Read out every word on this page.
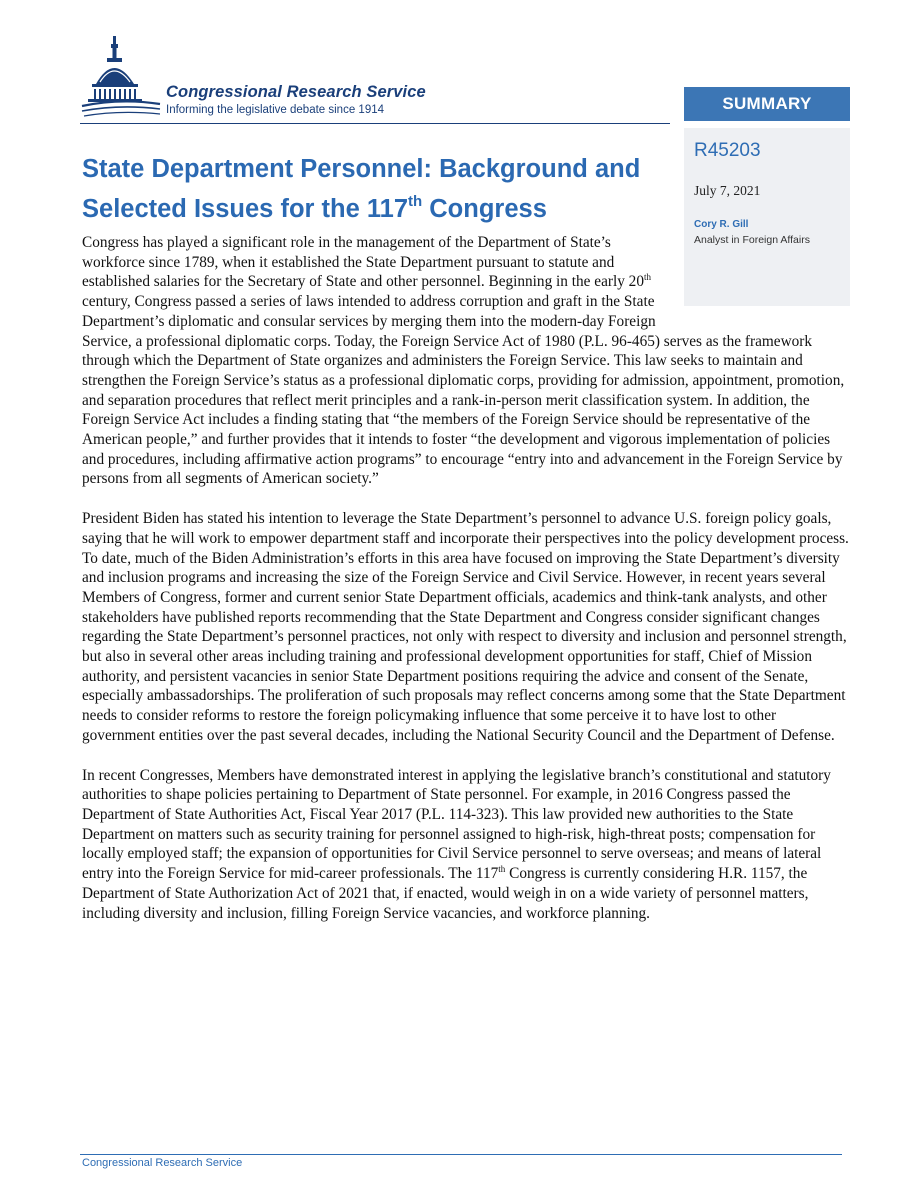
Congressional Research Service
Informing the legislative debate since 1914	SUMMARY
R45203
July 7, 2021
Cory R. Gill
Analyst in Foreign Affairs
State Department Personnel: Background and Selected Issues for the 117th Congress

Congress has played a significant role in the management of the Department of State’s workforce since 1789, when it established the State Department pursuant to statute and established salaries for the Secretary of State and other personnel. Beginning in the early 20th century, Congress passed a series of laws intended to address corruption and graft in the State Department’s diplomatic and consular services by merging them into the modern-day Foreign Service, a professional diplomatic corps. Today, the Foreign Service Act of 1980 (P.L. 96-465) serves as the framework through which the Department of State organizes and administers the Foreign Service. This law seeks to maintain and strengthen the Foreign Service’s status as a professional diplomatic corps, providing for admission, appointment, promotion, and separation procedures that reflect merit principles and a rank-in-person merit classification system. In addition, the Foreign Service Act includes a finding stating that “the members of the Foreign Service should be representative of the American people,” and further provides that it intends to foster “the development and vigorous implementation of policies and procedures, including affirmative action programs” to encourage “entry into and advancement in the Foreign Service by persons from all segments of American society.”

President Biden has stated his intention to leverage the State Department’s personnel to advance U.S. foreign policy goals, saying that he will work to empower department staff and incorporate their perspectives into the policy development process. To date, much of the Biden Administration’s efforts in this area have focused on improving the State Department’s diversity and inclusion programs and increasing the size of the Foreign Service and Civil Service. However, in recent years several Members of Congress, former and current senior State Department officials, academics and think-tank analysts, and other stakeholders have published reports recommending that the State Department and Congress consider significant changes regarding the State Department’s personnel practices, not only with respect to diversity and inclusion and personnel strength, but also in several other areas including training and professional development opportunities for staff, Chief of Mission authority, and persistent vacancies in senior State Department positions requiring the advice and consent of the Senate, especially ambassadorships. The proliferation of such proposals may reflect concerns among some that the State Department needs to consider reforms to restore the foreign policymaking influence that some perceive it to have lost to other government entities over the past several decades, including the National Security Council and the Department of Defense.

In recent Congresses, Members have demonstrated interest in applying the legislative branch’s constitutional and statutory authorities to shape policies pertaining to Department of State personnel. For example, in 2016 Congress passed the Department of State Authorities Act, Fiscal Year 2017 (P.L. 114-323). This law provided new authorities to the State Department on matters such as security training for personnel assigned to high-risk, high-threat posts; compensation for locally employed staff; the expansion of opportunities for Civil Service personnel to serve overseas; and means of lateral entry into the Foreign Service for mid-career professionals. The 117th Congress is currently considering H.R. 1157, the Department of State Authorization Act of 2021 that, if enacted, would weigh in on a wide variety of personnel matters, including diversity and inclusion, filling Foreign Service vacancies, and workforce planning.

Congressional Research Service
